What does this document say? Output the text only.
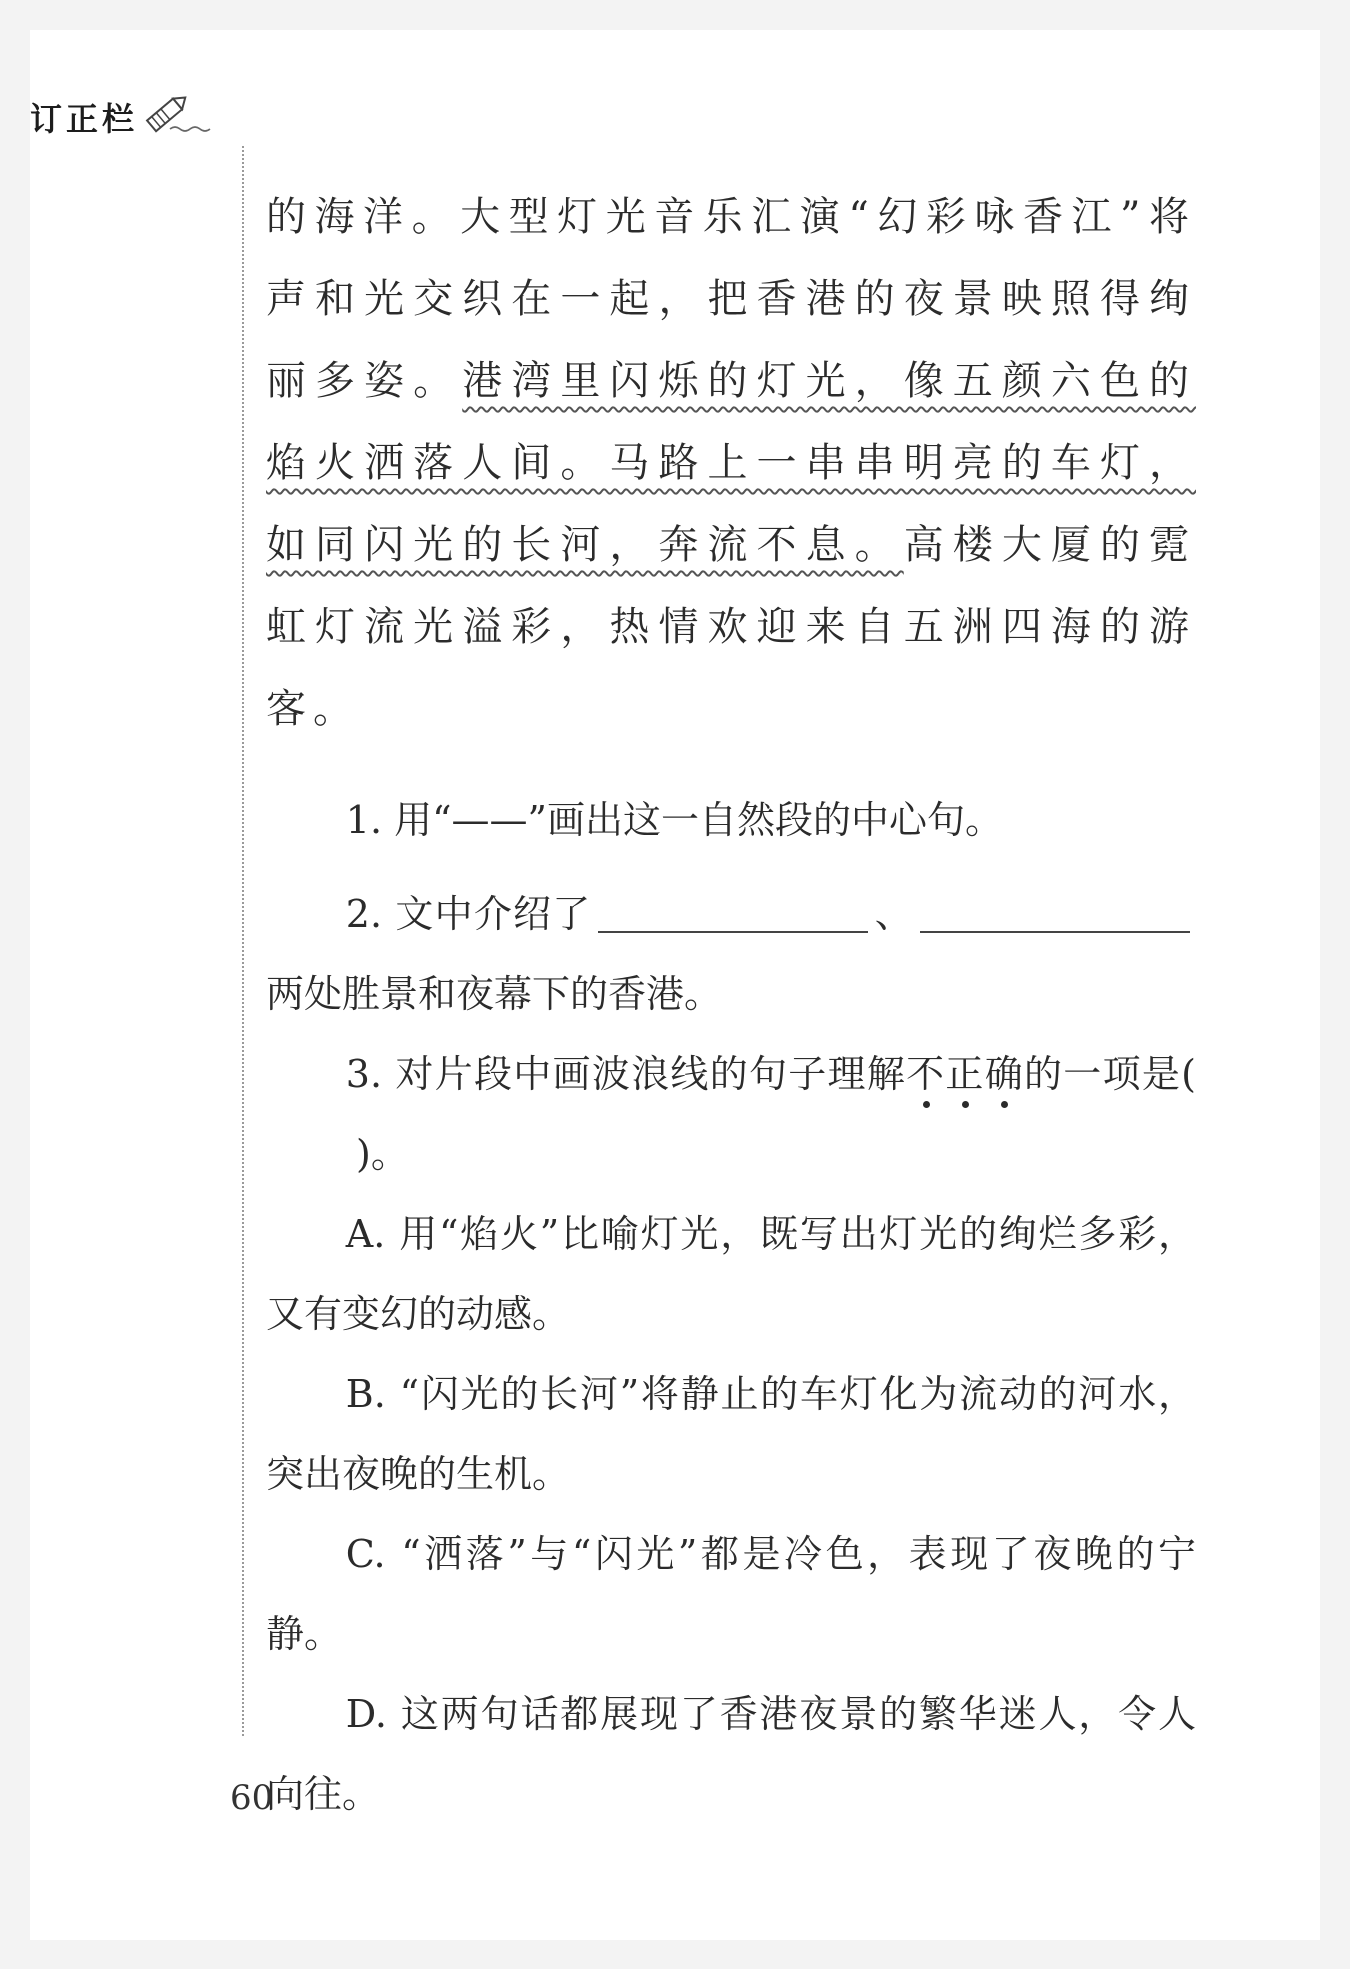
订正栏

的海洋。大型灯光音乐汇演“幻彩咏香江”将声和光交织在一起，把香港的夜景映照得绚丽多姿。港湾里闪烁的灯光，像五颜六色的焰火洒落人间。马路上一串串明亮的车灯，如同闪光的长河，奔流不息。高楼大厦的霓虹灯流光溢彩，热情欢迎来自五洲四海的游客。

1. 用“——”画出这一自然段的中心句。

2. 文中介绍了	、两处胜景和夜幕下的香港。

3. 对片段中画波浪线的句子理解不正确的一项是()。

A. 用“焰火”比喻灯光，既写出灯光的绚烂多彩，又有变幻的动感。

B. “闪光的长河”将静止的车灯化为流动的河水，突出夜晚的生机。

C. “洒落”与“闪光”都是冷色，表现了夜晚的宁静。

D. 这两句话都展现了香港夜景的繁华迷人，令人向往。

60
